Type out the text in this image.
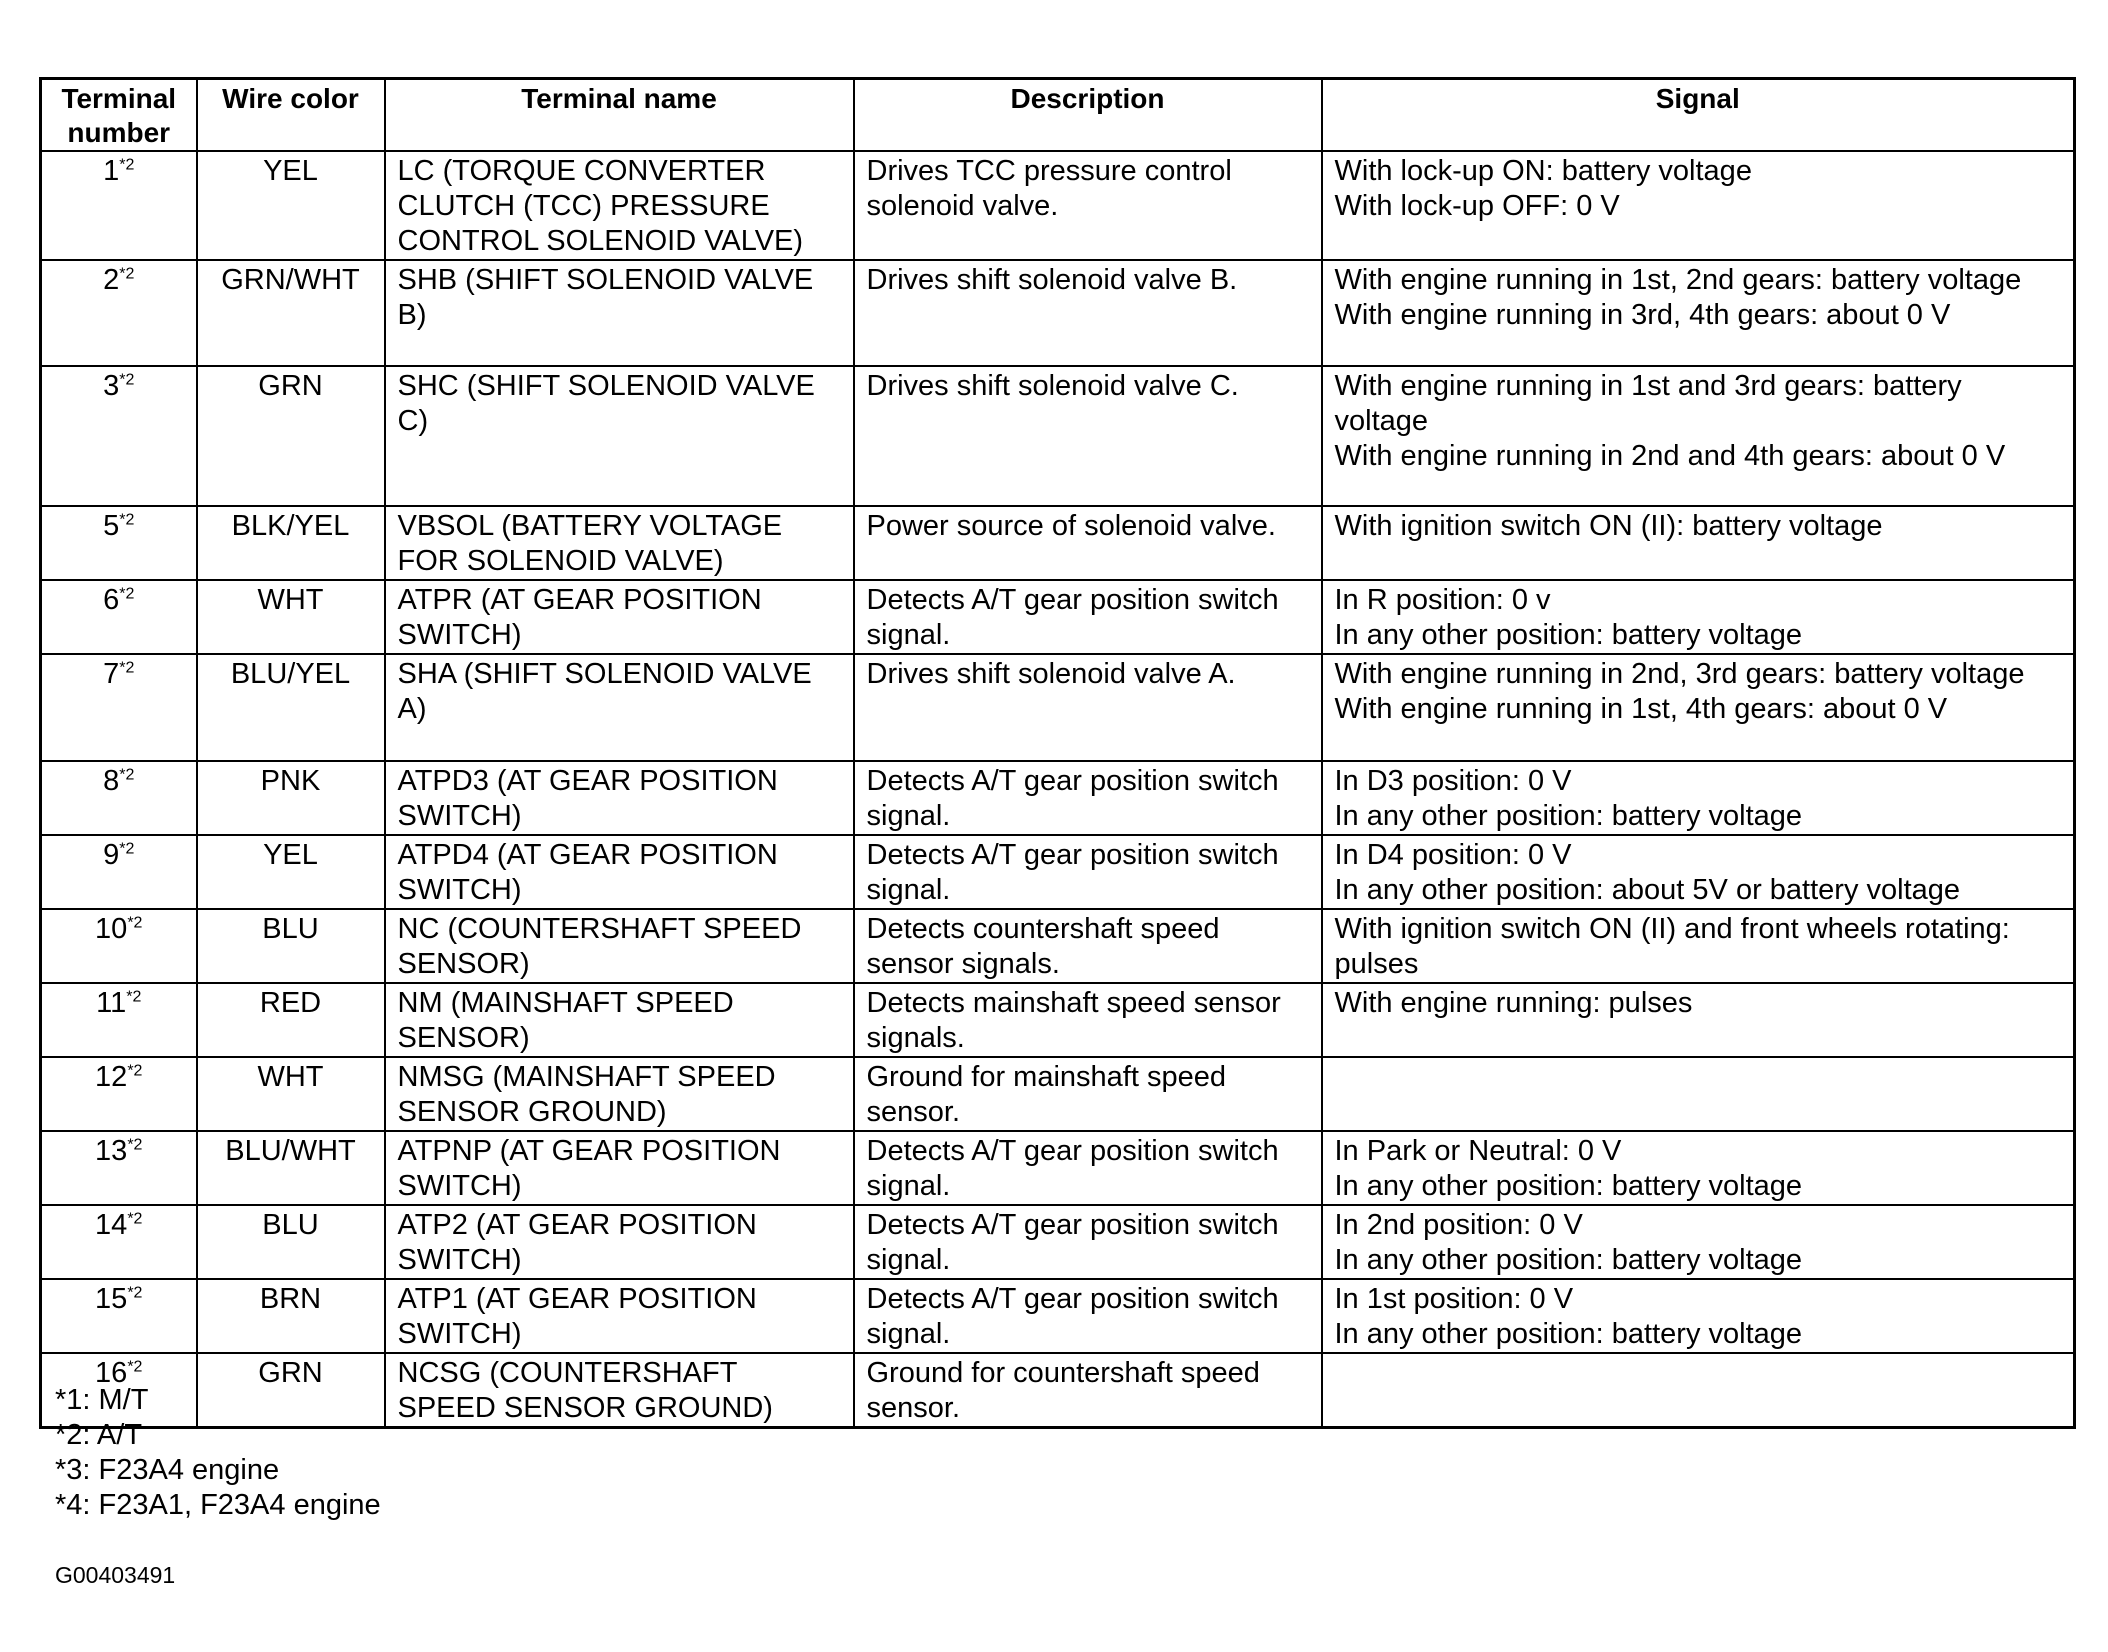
Terminal number	Wire color	Terminal name	Description	Signal
1$^{*2}$	YEL	LC (TORQUE CONVERTER CLUTCH (TCC) PRESSURE CONTROL SOLENOID VALVE)	Drives TCC pressure control solenoid valve.	With lock-up ON: battery voltage
With lock-up OFF: 0 V

2$^{*2}$	GRN/WHT	SHB (SHIFT SOLENOID VALVE B)	Drives shift solenoid valve B.	With engine running in 1st, 2nd gears: battery voltage
With engine running in 3rd, 4th gears: about 0 V

3$^{*2}$	GRN	SHC (SHIFT SOLENOID VALVE C)	Drives shift solenoid valve C.	With engine running in 1st and 3rd gears: battery voltage
With engine running in 2nd and 4th gears: about 0 V

5$^{*2}$	BLK/YEL	VBSOL (BATTERY VOLTAGE FOR SOLENOID VALVE)	Power source of solenoid valve.	With ignition switch ON (II): battery voltage

6$^{*2}$	WHT	ATPR (AT GEAR POSITION SWITCH)	Detects A/T gear position switch signal.	In R position: 0 v
In any other position: battery voltage

7$^{*2}$	BLU/YEL	SHA (SHIFT SOLENOID VALVE A)	Drives shift solenoid valve A.	With engine running in 2nd, 3rd gears: battery voltage
With engine running in 1st, 4th gears: about 0 V

8$^{*2}$	PNK	ATPD3 (AT GEAR POSITION SWITCH)	Detects A/T gear position switch signal.	In D3 position: 0 V
In any other position: battery voltage

9$^{*2}$	YEL	ATPD4 (AT GEAR POSITION SWITCH)	Detects A/T gear position switch signal.	In D4 position: 0 V
In any other position: about 5V or battery voltage

10$^{*2}$	BLU	NC (COUNTERSHAFT SPEED SENSOR)	Detects countershaft speed sensor signals.	With ignition switch ON (II) and front wheels rotating: pulses

11$^{*2}$	RED	NM (MAINSHAFT SPEED SENSOR)	Detects mainshaft speed sensor signals.	With engine running: pulses

12$^{*2}$	WHT	NMSG (MAINSHAFT SPEED SENSOR GROUND)	Ground for mainshaft speed sensor.	
13$^{*2}$	BLU/WHT	ATPNP (AT GEAR POSITION SWITCH)	Detects A/T gear position switch signal.	In Park or Neutral: 0 V
In any other position: battery voltage

14$^{*2}$	BLU	ATP2 (AT GEAR POSITION SWITCH)	Detects A/T gear position switch signal.	In 2nd position: 0 V
In any other position: battery voltage

15$^{*2}$	BRN	ATP1 (AT GEAR POSITION SWITCH)	Detects A/T gear position switch signal.	In 1st position: 0 V
In any other position: battery voltage

16$^{*2}$	GRN	NCSG (COUNTERSHAFT SPEED SENSOR GROUND)	Ground for countershaft speed sensor.	
*1: M/T
*2: A/T
*3: F23A4 engine
*4: F23A1, F23A4 engine
G00403491
